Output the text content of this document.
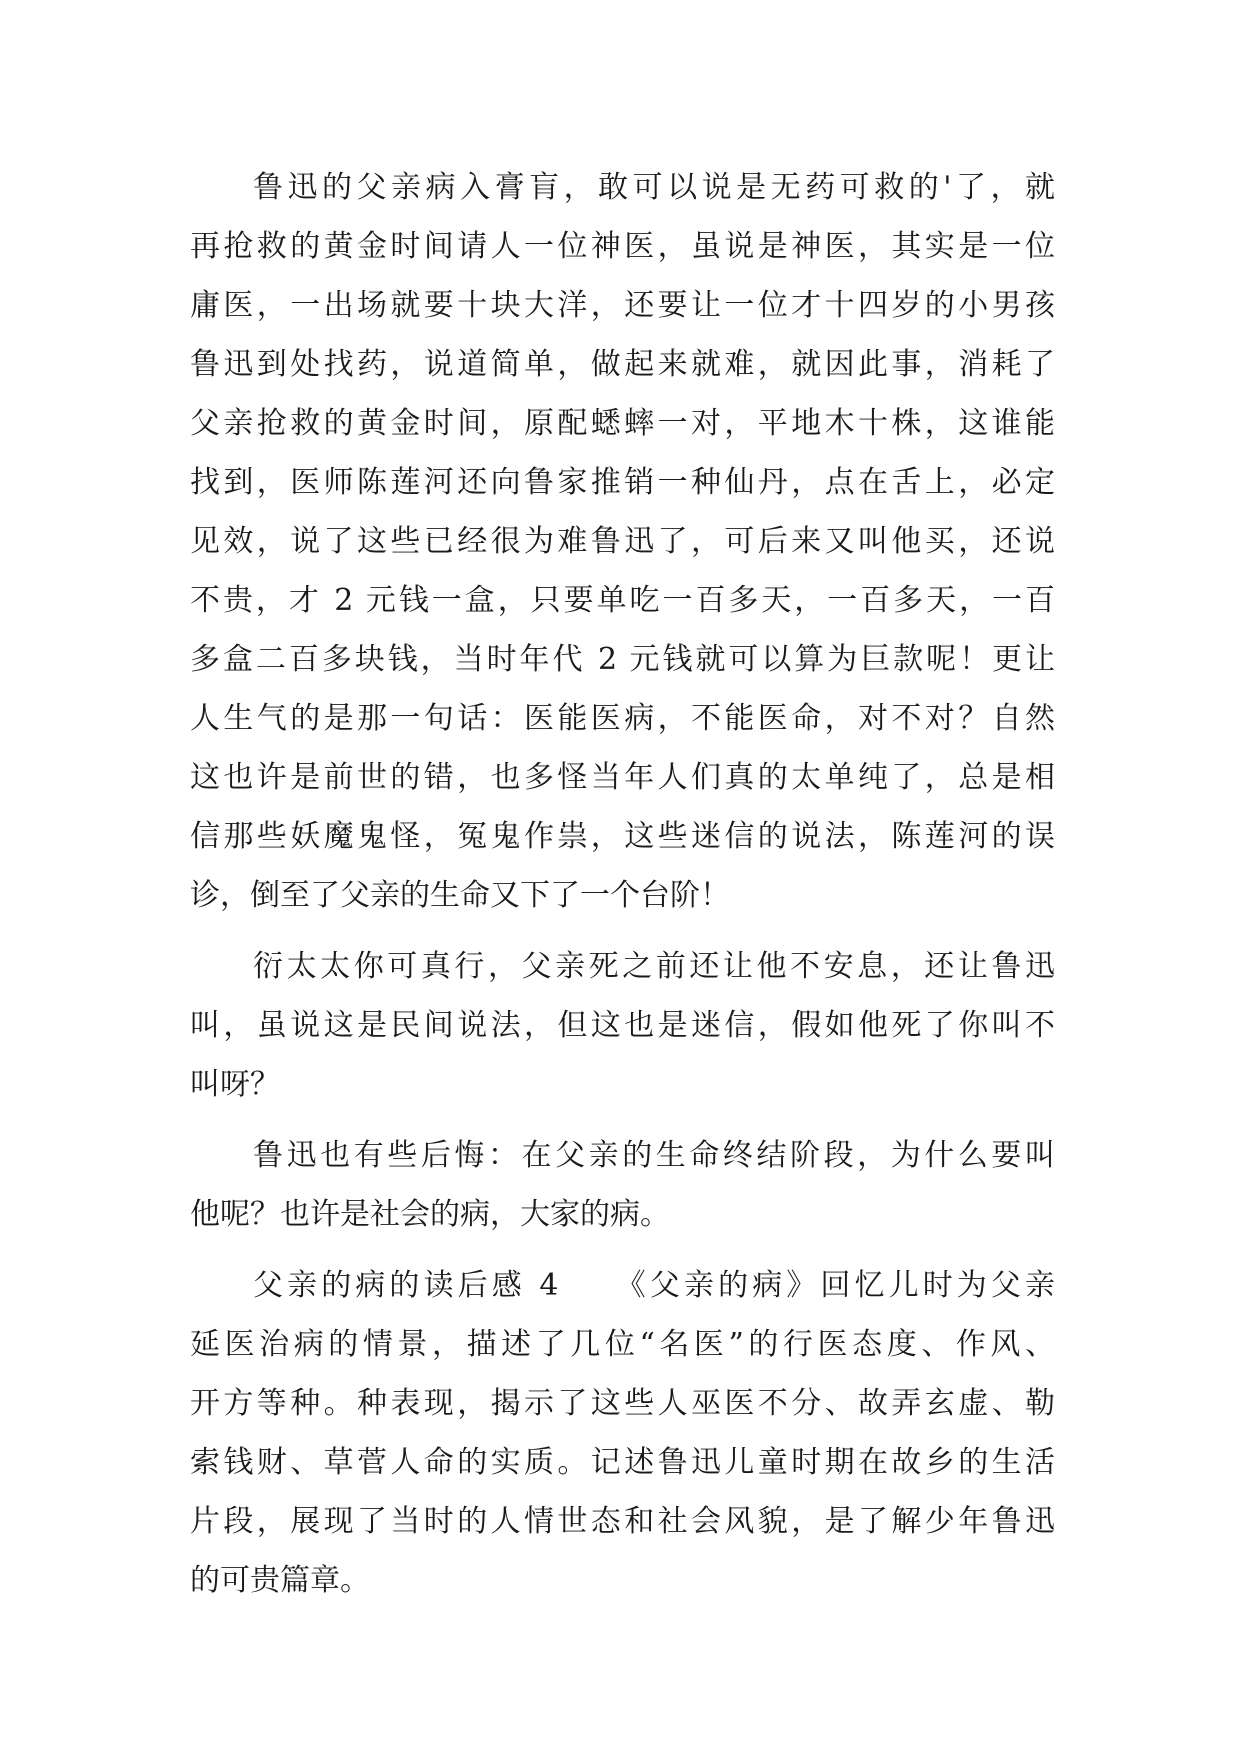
鲁迅的父亲病入膏肓，敢可以说是无药可救的'了，就
再抢救的黄金时间请人一位神医，虽说是神医，其实是一位
庸医，一出场就要十块大洋，还要让一位才十四岁的小男孩
鲁迅到处找药，说道简单，做起来就难，就因此事，消耗了
父亲抢救的黄金时间，原配蟋蟀一对，平地木十株，这谁能
找到，医师陈莲河还向鲁家推销一种仙丹，点在舌上，必定
见效，说了这些已经很为难鲁迅了，可后来又叫他买，还说
不贵，才 2 元钱一盒，只要单吃一百多天，一百多天，一百
多盒二百多块钱，当时年代 2 元钱就可以算为巨款呢！更让
人生气的是那一句话：医能医病，不能医命，对不对？自然
这也许是前世的错，也多怪当年人们真的太单纯了，总是相
信那些妖魔鬼怪，冤鬼作祟，这些迷信的说法，陈莲河的误
诊，倒至了父亲的生命又下了一个台阶！
衍太太你可真行，父亲死之前还让他不安息，还让鲁迅
叫，虽说这是民间说法，但这也是迷信，假如他死了你叫不
叫呀？
鲁迅也有些后悔：在父亲的生命终结阶段，为什么要叫
他呢？也许是社会的病，大家的病。
父亲的病的读后感 4　　《父亲的病》回忆儿时为父亲
延医治病的情景，描述了几位“名医”的行医态度、作风、
开方等种。种表现，揭示了这些人巫医不分、故弄玄虚、勒
索钱财、草菅人命的实质。记述鲁迅儿童时期在故乡的生活
片段，展现了当时的人情世态和社会风貌，是了解少年鲁迅
的可贵篇章。
